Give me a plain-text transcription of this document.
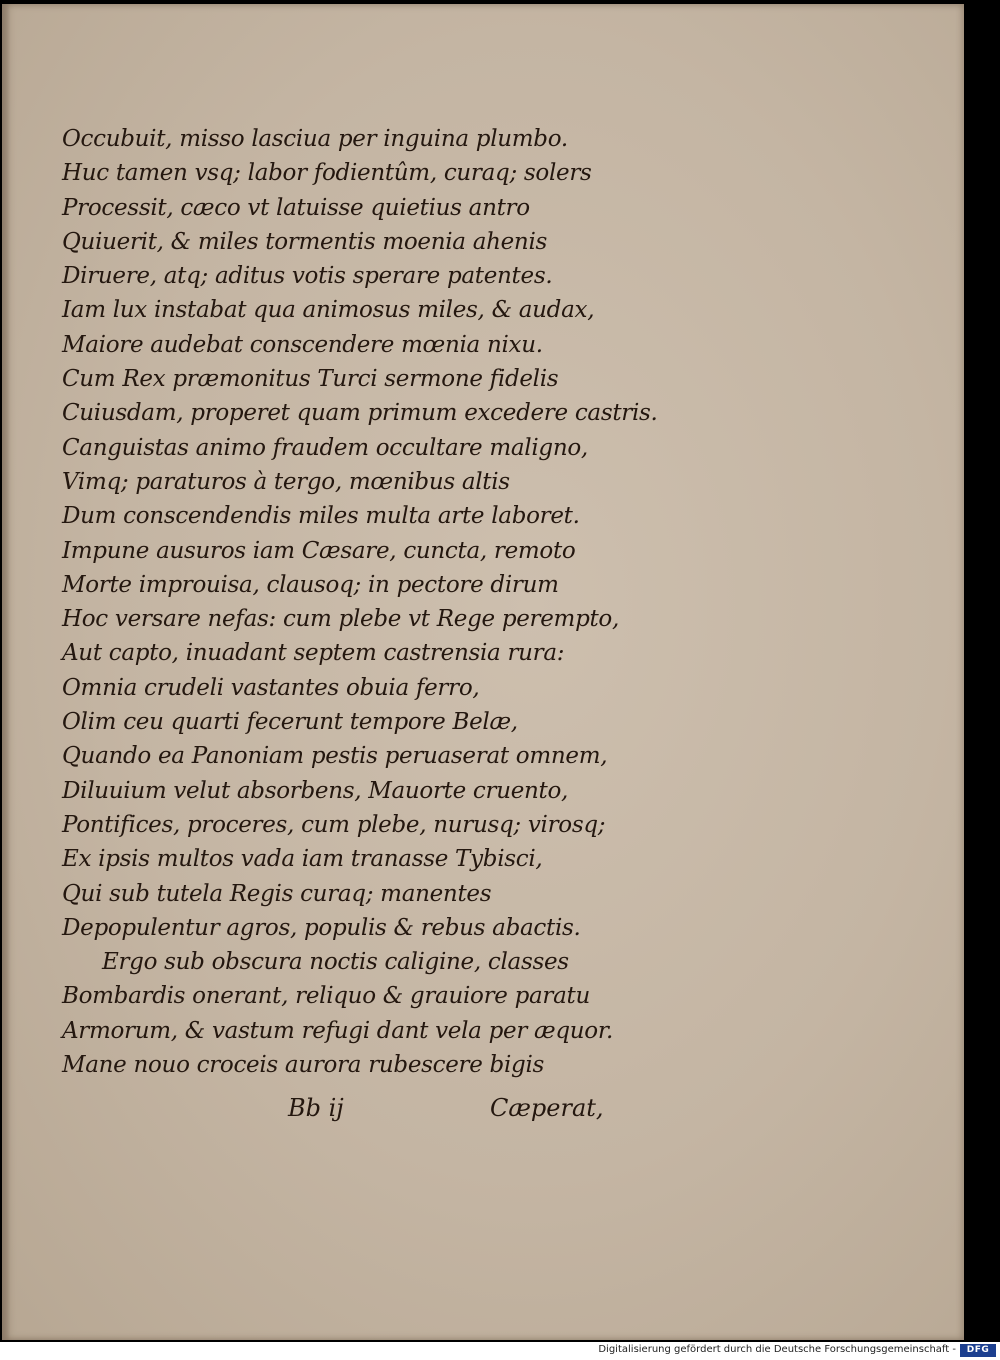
Occubuit, misso lasciua per inguina plumbo.
Huc tamen vsq; labor fodientûm, curaq; solers
Processit, cæco vt latuisse quietius antro
Quiuerit, & miles tormentis moenia ahenis
Diruere, atq; aditus votis sperare patentes.
Iam lux instabat qua animosus miles, & audax,
Maiore audebat conscendere mœnia nixu.
Cum Rex præmonitus Turci sermone fidelis
Cuiusdam, properet quam primum excedere castris.
Canguistas animo fraudem occultare maligno,
Vimq; paraturos à tergo, mœnibus altis
Dum conscendendis miles multa arte laboret.
Impune ausuros iam Cæsare, cuncta, remoto
Morte improuisa, clausoq; in pectore dirum
Hoc versare nefas: cum plebe vt Rege perempto,
Aut capto, inuadant septem castrensia rura:
Omnia crudeli vastantes obuia ferro,
Olim ceu quarti fecerunt tempore Belæ,
Quando ea Panoniam pestis peruaserat omnem,
Diluuium velut absorbens, Mauorte cruento,
Pontifices, proceres, cum plebe, nurusq; virosq;
Ex ipsis multos vada iam tranasse Tybisci,
Qui sub tutela Regis curaq; manentes
Depopulentur agros, populis & rebus abactis.
Ergo sub obscura noctis caligine, classes
Bombardis onerant, reliquo & grauiore paratu
Armorum, & vastum refugi dant vela per æquor.
Mane nouo croceis aurora rubescere bigis
Bb ij	Cæperat,
Digitalisierung gefördert durch die Deutsche Forschungsgemeinschaft -	DFG
